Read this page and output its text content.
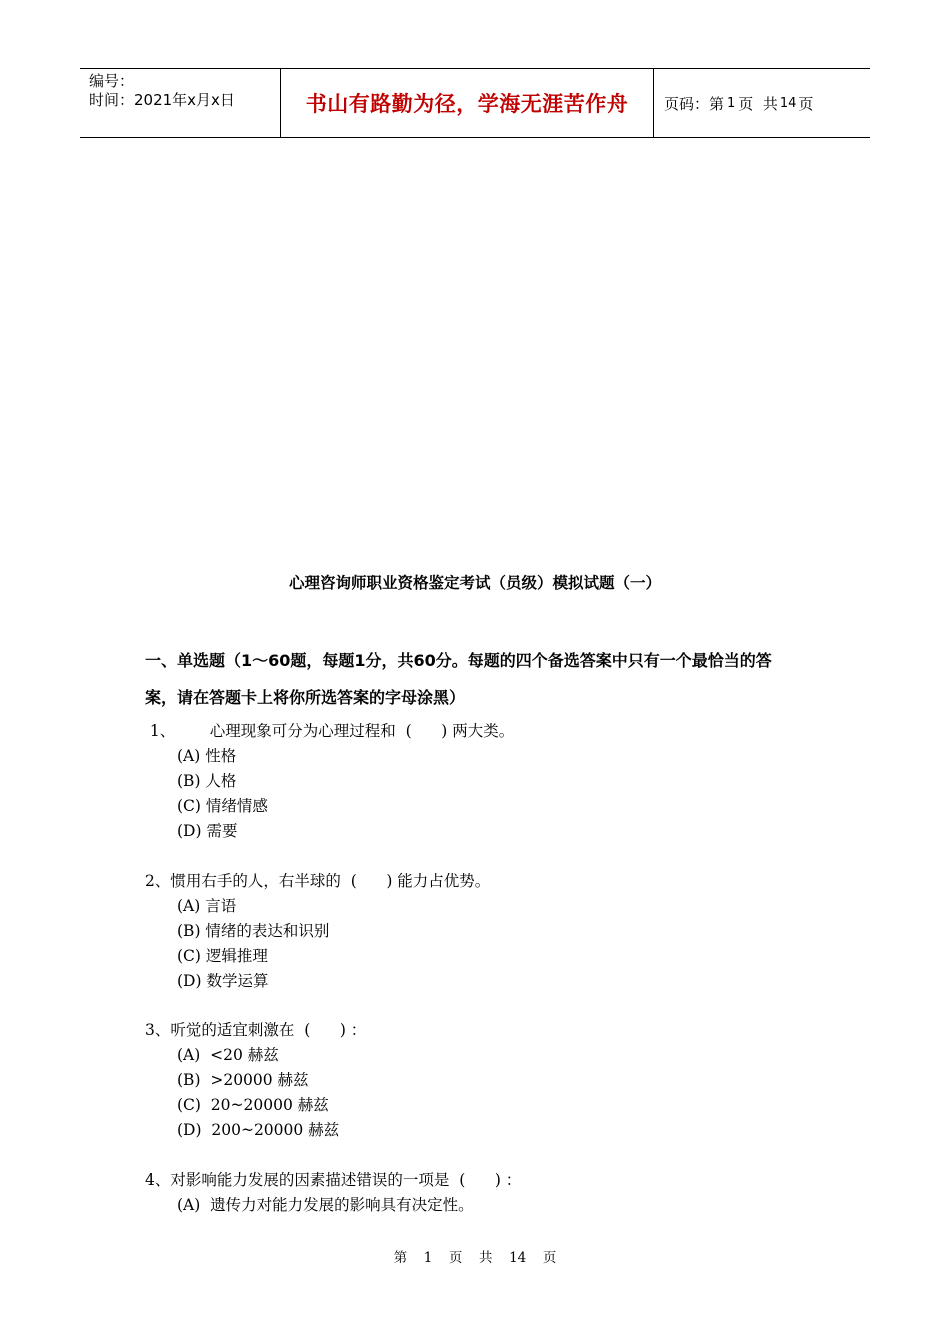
编号：
时间：2021年x月x日	书山有路勤为径，学海无涯苦作舟 页码：第 1 页  共 14 页
心理咨询师职业资格鉴定考试（员级）模拟试题（一）
一、单选题（1～60题，每题1分，共60分。每题的四个备选答案中只有一个最恰当的答
案，请在答题卡上将你所选答案的字母涂黑）
1、       心理现象可分为心理过程和  (      ) 两大类。
(A) 性格
(B) 人格
(C) 情绪情感
(D) 需要
2、惯用右手的人，右半球的  (      ) 能力占优势。
(A) 言语
(B) 情绪的表达和识别
(C) 逻辑推理
(D) 数学运算
3、听觉的适宜刺激在  (      ) ：
(A)  <20 赫兹
(B)  >20000 赫兹
(C)  20~20000 赫兹
(D)  200~20000 赫兹
4、对影响能力发展的因素描述错误的一项是  (      ) ：
(A)  遗传力对能力发展的影响具有决定性。
第  1  页  共  14  页
